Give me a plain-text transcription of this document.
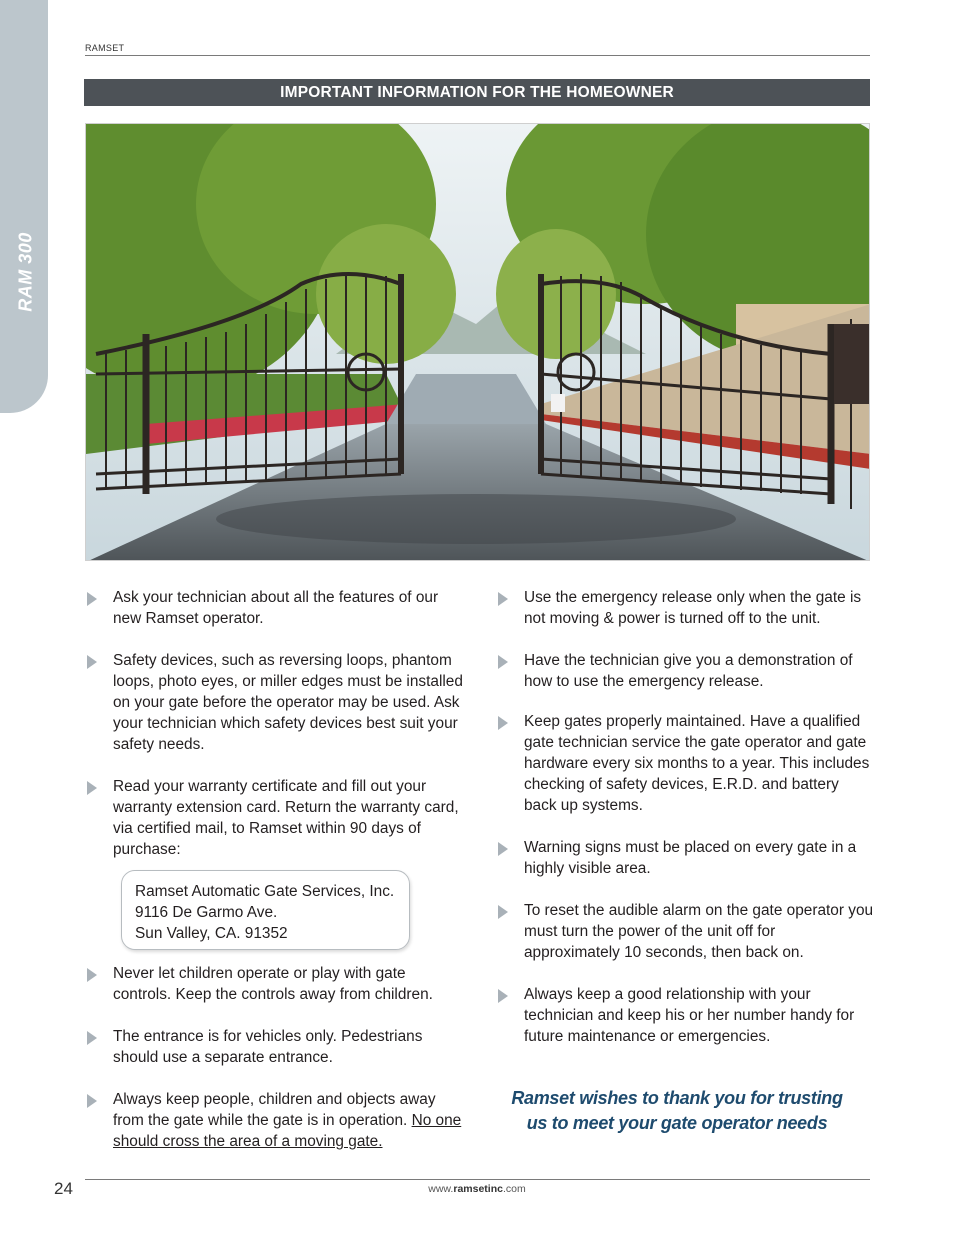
RAM 300
RAMSET
IMPORTANT INFORMATION FOR THE HOMEOWNER
Ask your technician about all the features of our new Ramset operator.
Safety devices, such as reversing loops, phantom loops, photo eyes, or miller edges must be installed on your gate before the operator may be used. Ask your technician which safety devices best suit your safety needs.
Read your warranty certificate and fill out your warranty extension card. Return the warranty card, via certified mail, to Ramset within 90 days of purchase:
Ramset Automatic Gate Services, Inc.
9116 De Garmo Ave.
Sun Valley, CA. 91352
Never let children operate or play with gate controls. Keep the controls away from children.
The entrance is for vehicles only. Pedestrians should use a separate entrance.
Always keep people, children and objects away from the gate while the gate is in operation. No one should cross the area of a moving gate.
Use the emergency release only when the gate is not moving & power is turned off to the unit.
Have the technician give you a demonstration of how to use the emergency release.
Keep gates properly maintained. Have a qualified gate technician service the gate operator and gate hardware every six months to a year. This includes checking of safety devices, E.R.D. and battery back up systems.
Warning signs must be placed on every gate in a highly visible area.
To reset the audible alarm on the gate operator you must turn the power of the unit off for approximately 10 seconds, then back on.
Always keep a good relationship with your technician and keep his or her number handy for future maintenance or emergencies.
Ramset wishes to thank you for trusting
us to meet your gate operator needs
24	www.ramsetinc.com
